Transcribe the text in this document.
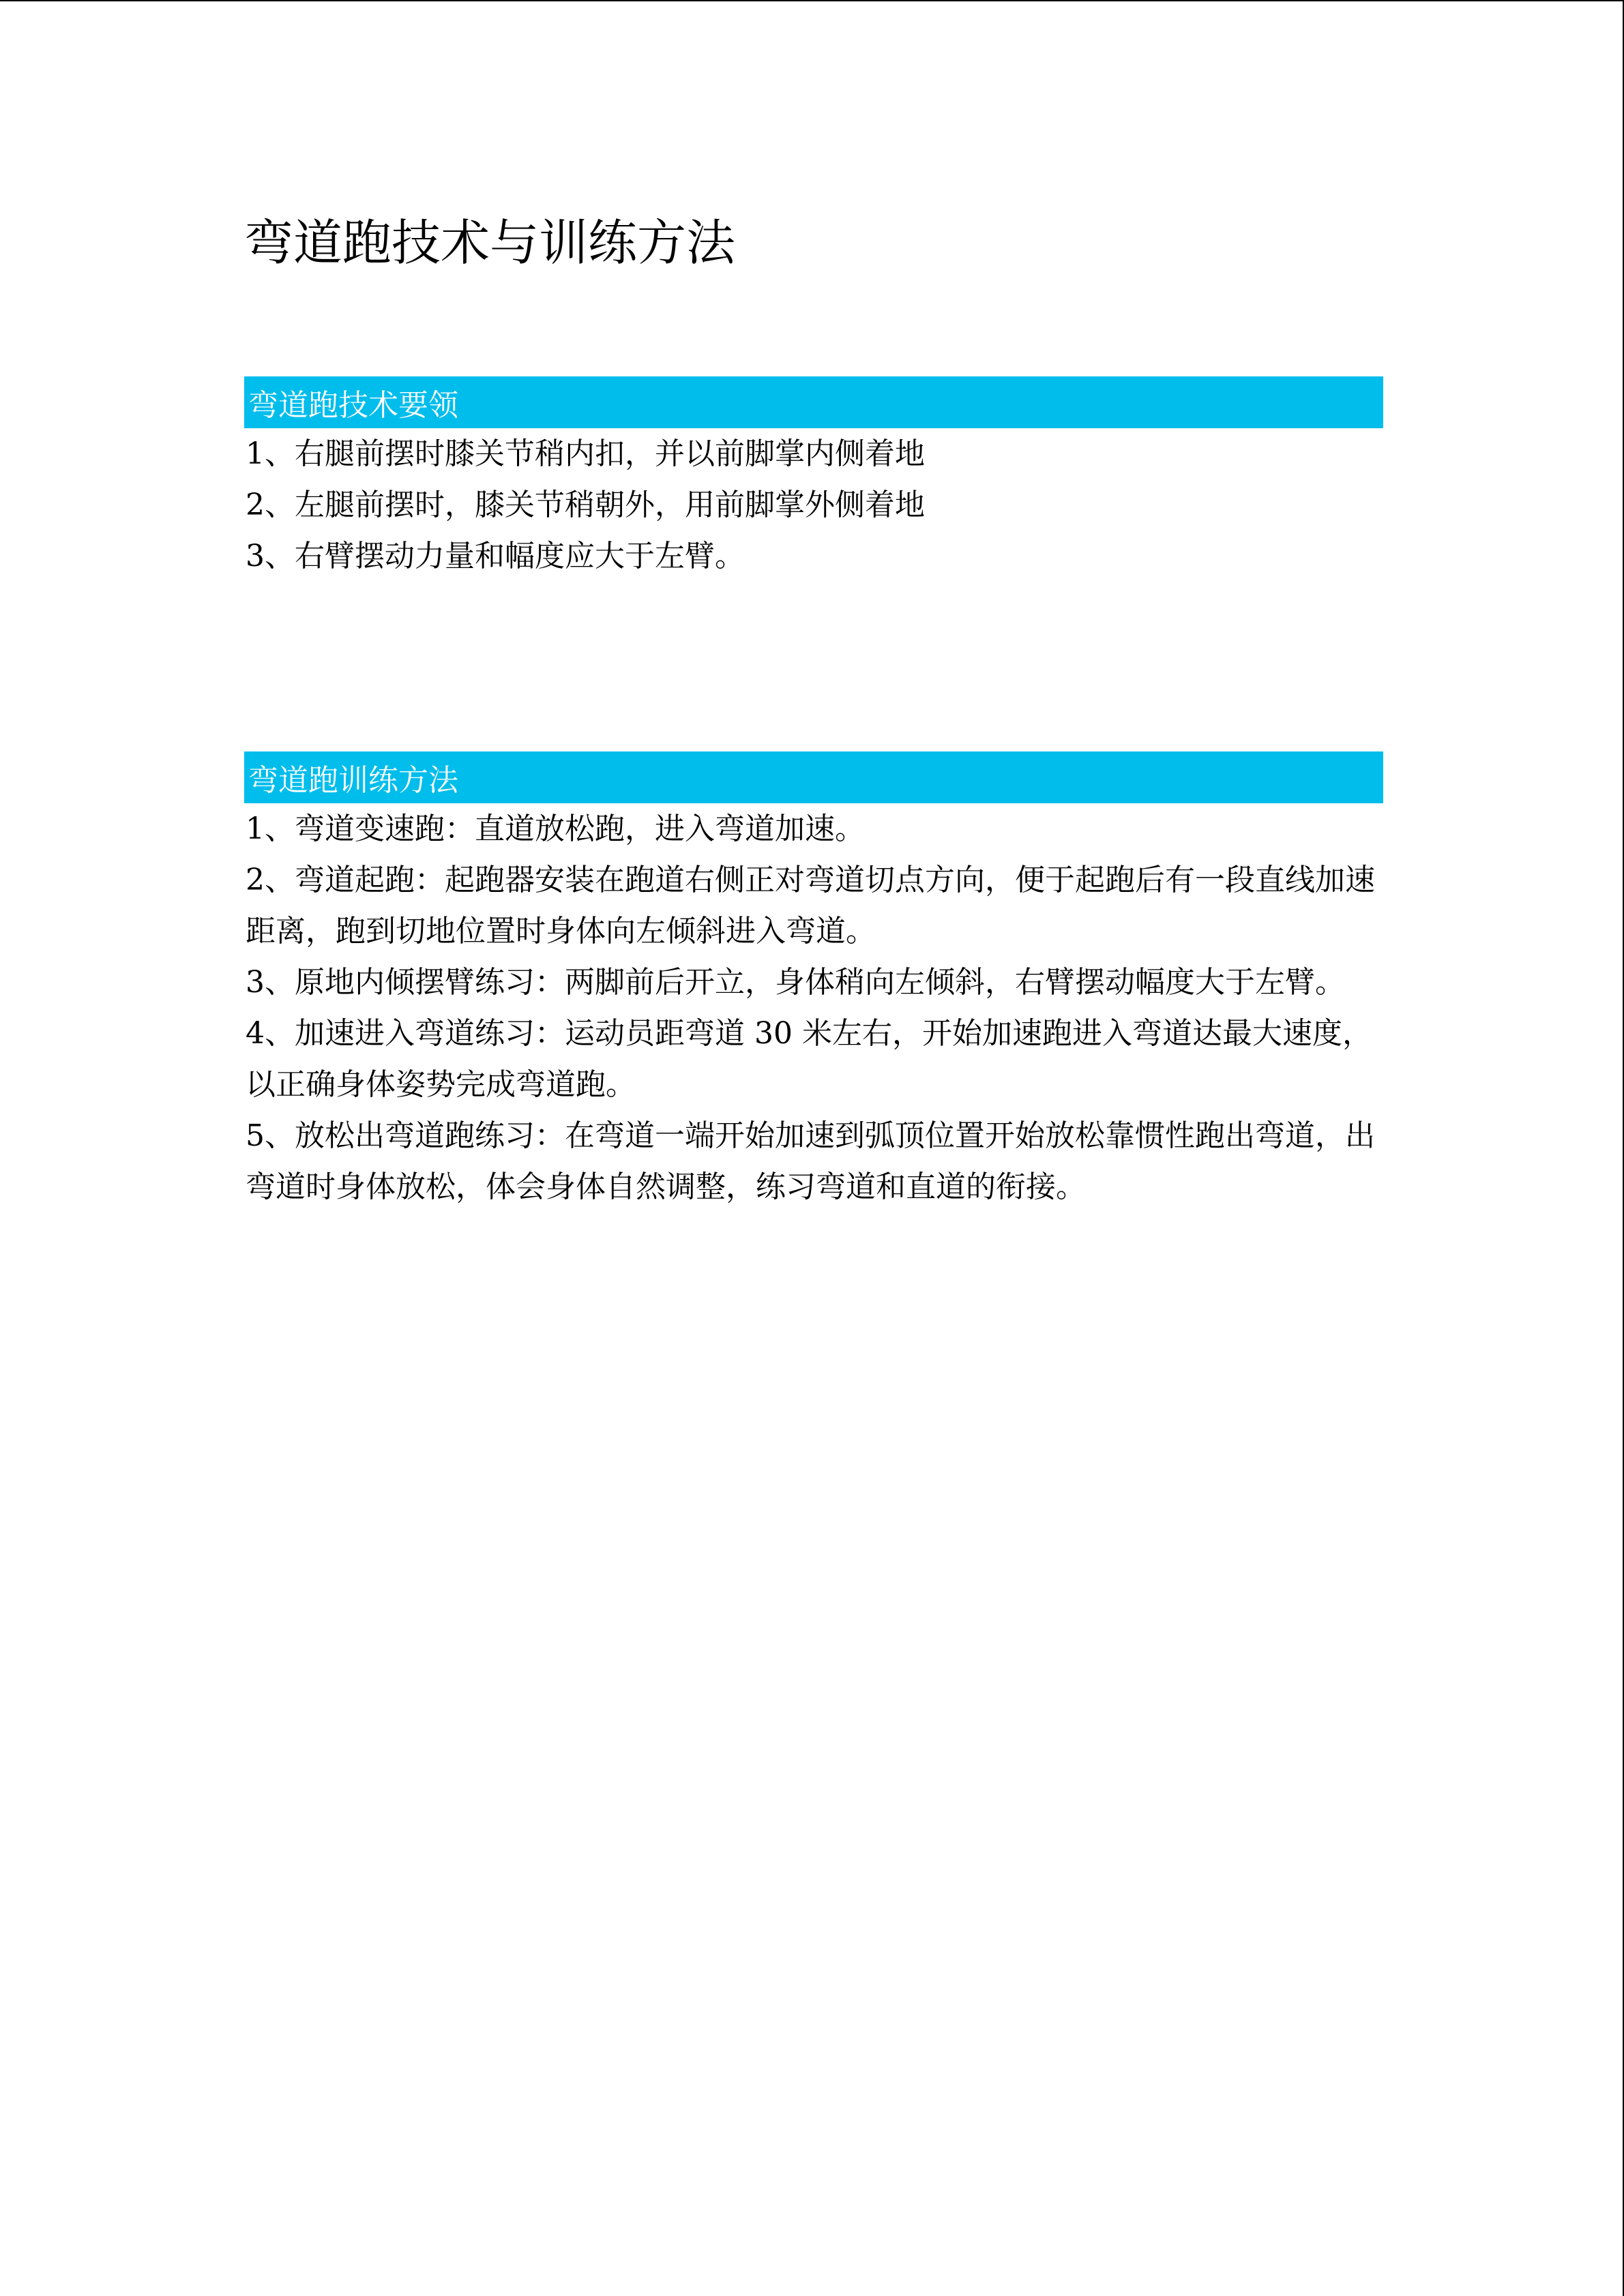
弯道跑技术与训练方法
弯道跑技术要领
1、右腿前摆时膝关节稍内扣，并以前脚掌内侧着地
2、左腿前摆时，膝关节稍朝外，用前脚掌外侧着地
3、右臂摆动力量和幅度应大于左臂。
弯道跑训练方法
1、弯道变速跑：直道放松跑，进入弯道加速。
2、弯道起跑：起跑器安装在跑道右侧正对弯道切点方向，便于起跑后有一段直线加速距离，跑到切地位置时身体向左倾斜进入弯道。
3、原地内倾摆臂练习：两脚前后开立，身体稍向左倾斜，右臂摆动幅度大于左臂。
4、加速进入弯道练习：运动员距弯道 30 米左右，开始加速跑进入弯道达最大速度，以正确身体姿势完成弯道跑。
5、放松出弯道跑练习：在弯道一端开始加速到弧顶位置开始放松靠惯性跑出弯道，出弯道时身体放松，体会身体自然调整，练习弯道和直道的衔接。
